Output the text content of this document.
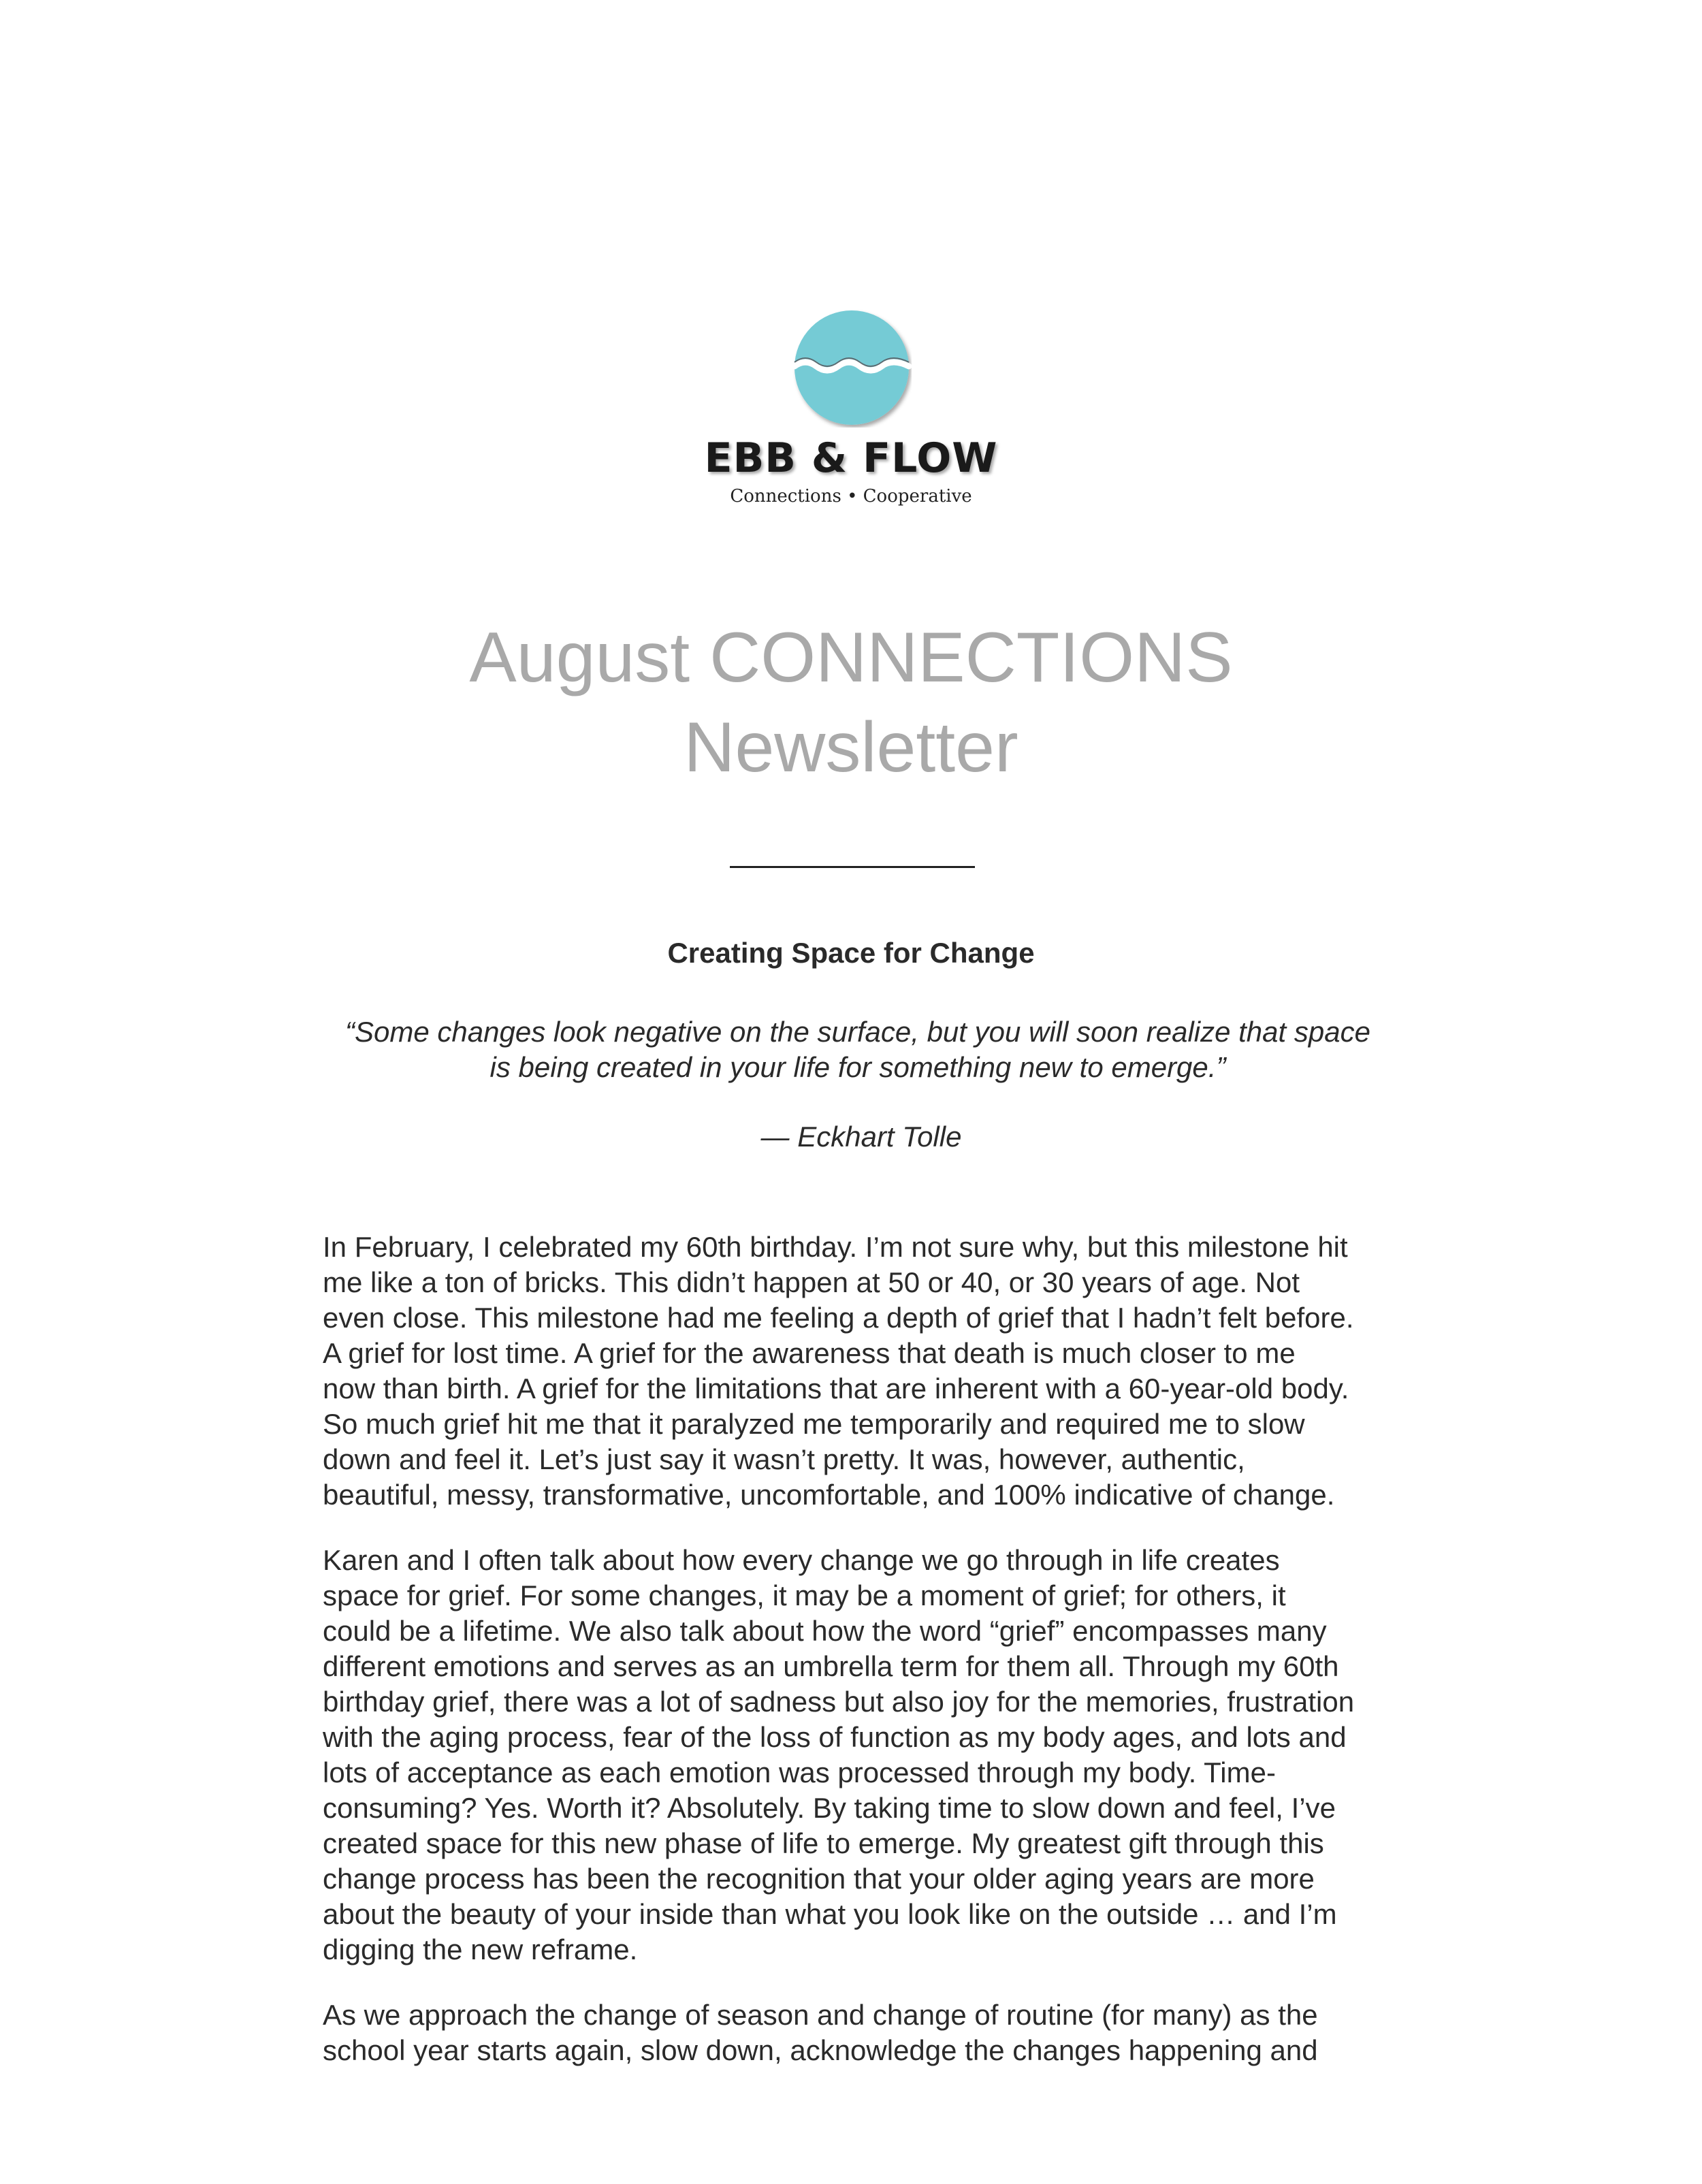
EBB & FLOW
Connections • Cooperative
August CONNECTIONS
Newsletter
Creating Space for Change
“Some changes look negative on the surface, but you will soon realize that space
is being created in your life for something new to emerge.”
— Eckhart Tolle
In February, I celebrated my 60th birthday. I’m not sure why, but this milestone hit
me like a ton of bricks. This didn’t happen at 50 or 40, or 30 years of age. Not
even close. This milestone had me feeling a depth of grief that I hadn’t felt before.
A grief for lost time. A grief for the awareness that death is much closer to me
now than birth. A grief for the limitations that are inherent with a 60-year-old body.
So much grief hit me that it paralyzed me temporarily and required me to slow
down and feel it. Let’s just say it wasn’t pretty. It was, however, authentic,
beautiful, messy, transformative, uncomfortable, and 100% indicative of change.
Karen and I often talk about how every change we go through in life creates
space for grief. For some changes, it may be a moment of grief; for others, it
could be a lifetime. We also talk about how the word “grief” encompasses many
different emotions and serves as an umbrella term for them all. Through my 60th
birthday grief, there was a lot of sadness but also joy for the memories, frustration
with the aging process, fear of the loss of function as my body ages, and lots and
lots of acceptance as each emotion was processed through my body. Time-
consuming? Yes. Worth it? Absolutely. By taking time to slow down and feel, I’ve
created space for this new phase of life to emerge. My greatest gift through this
change process has been the recognition that your older aging years are more
about the beauty of your inside than what you look like on the outside … and I’m
digging the new reframe.
As we approach the change of season and change of routine (for many) as the
school year starts again, slow down, acknowledge the changes happening and
